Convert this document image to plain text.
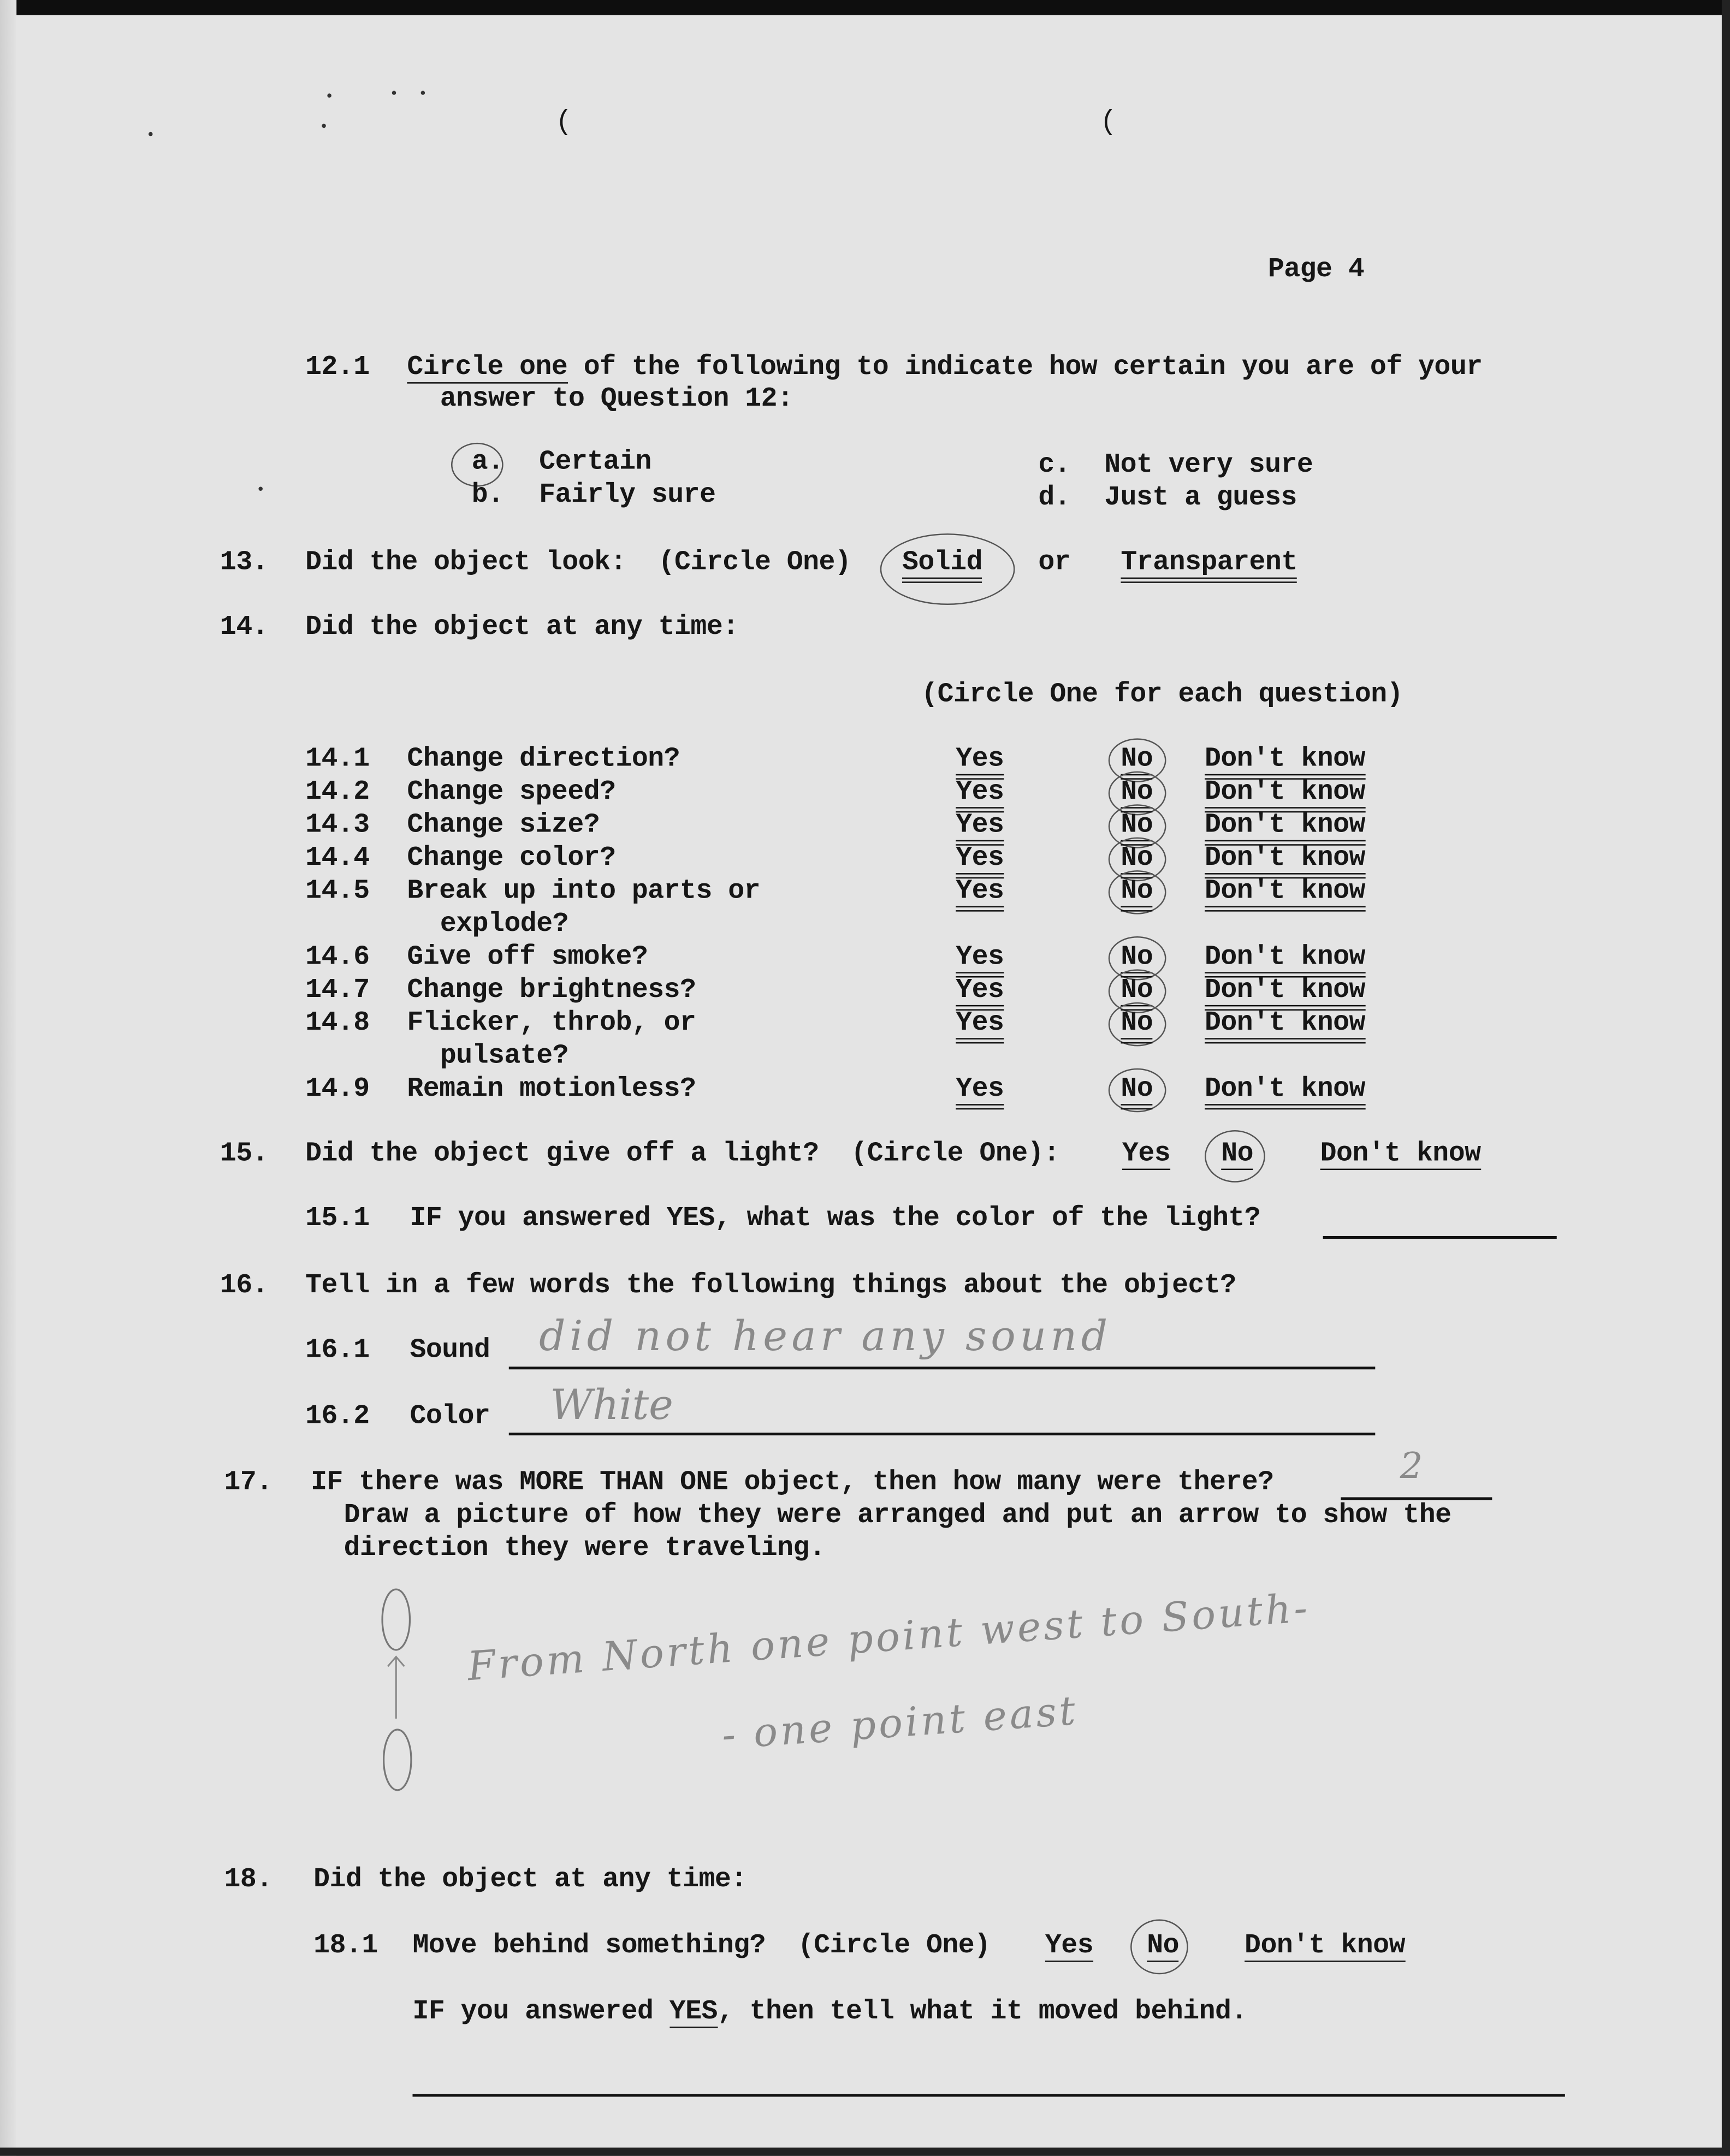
(	(
Page 4
12.1	Circle one of the following to indicate how certain you are of your
answer to Question 12:
a.	Certain
b.	Fairly sure
c.	Not very sure
d.	Just a guess
13.	Did the object look:  (Circle One)	Solid	or	Transparent
14.	Did the object at any time:
(Circle One for each question)
14.1	Change direction?	Yes	No	Don't know
14.2	Change speed?	Yes	No	Don't know
14.3	Change size?	Yes	No	Don't know
14.4	Change color?	Yes	No	Don't know
14.5	Break up into parts or
explode?
Yes	No	Don't know
14.6	Give off smoke?	Yes	No	Don't know
14.7	Change brightness?	Yes	No	Don't know
14.8	Flicker, throb, or
pulsate?
Yes	No	Don't know
14.9	Remain motionless?	Yes	No	Don't know
15.	Did the object give off a light?  (Circle One):	Yes	No	Don't know
15.1	IF you answered YES, what was the color of the light?
16.	Tell in a few words the following things about the object?
16.1	Sound	did not hear any sound
16.2	Color	White
17.	IF there was MORE THAN ONE object, then how many were there?	2
Draw a picture of how they were arranged and put an arrow to show the
direction they were traveling.
From North one point west to South-
- one point east
18.	Did the object at any time:
18.1	Move behind something?  (Circle One)	Yes	No	Don't know
IF you answered YES, then tell what it moved behind.
